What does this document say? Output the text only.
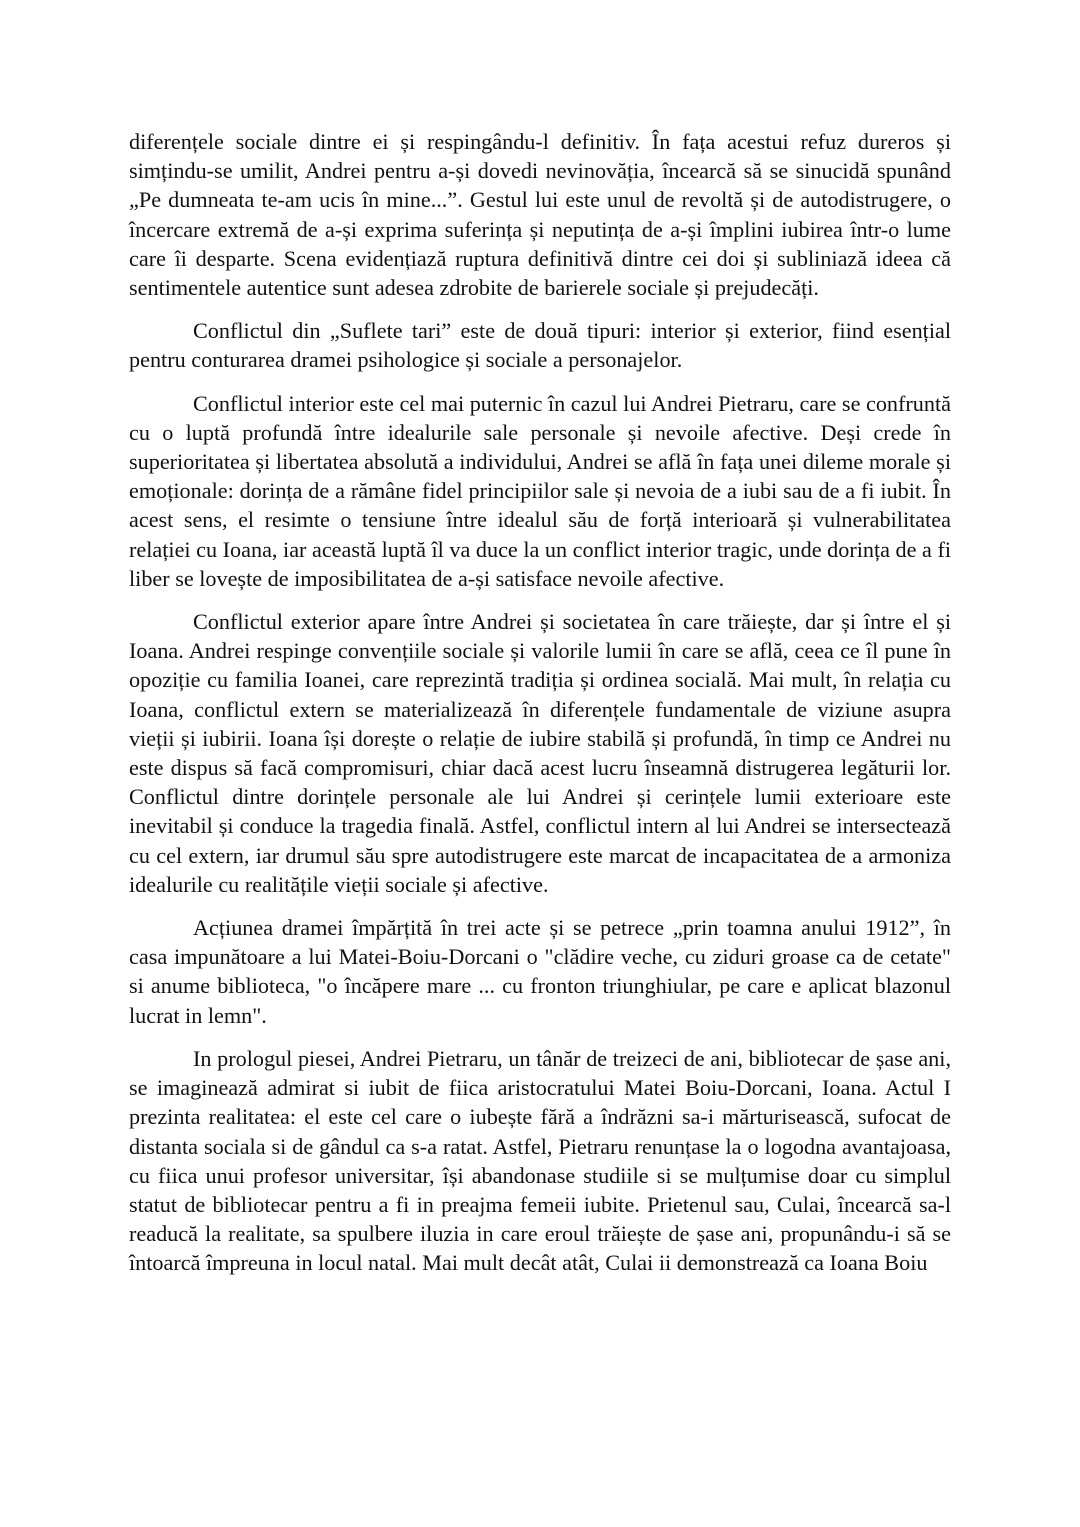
diferențele sociale dintre ei și respingându-l definitiv. În fața acestui refuz dureros și simțindu-se umilit, Andrei pentru a-și dovedi nevinovăția, încearcă să se sinucidă spunând „Pe dumneata te-am ucis în mine...”. Gestul lui este unul de revoltă și de autodistrugere, o încercare extremă de a-și exprima suferința și neputința de a-și împlini iubirea într-o lume care îi desparte. Scena evidențiază ruptura definitivă dintre cei doi și subliniază ideea că sentimentele autentice sunt adesea zdrobite de barierele sociale și prejudecăți.

Conflictul din „Suflete tari” este de două tipuri: interior și exterior, fiind esențial pentru conturarea dramei psihologice și sociale a personajelor.

Conflictul interior este cel mai puternic în cazul lui Andrei Pietraru, care se confruntă cu o luptă profundă între idealurile sale personale și nevoile afective. Deși crede în superioritatea și libertatea absolută a individului, Andrei se află în fața unei dileme morale și emoționale: dorința de a rămâne fidel principiilor sale și nevoia de a iubi sau de a fi iubit. În acest sens, el resimte o tensiune între idealul său de forță interioară și vulnerabilitatea relației cu Ioana, iar această luptă îl va duce la un conflict interior tragic, unde dorința de a fi liber se lovește de imposibilitatea de a-și satisface nevoile afective.

Conflictul exterior apare între Andrei și societatea în care trăiește, dar și între el și Ioana. Andrei respinge convențiile sociale și valorile lumii în care se află, ceea ce îl pune în opoziție cu familia Ioanei, care reprezintă tradiția și ordinea socială. Mai mult, în relația cu Ioana, conflictul extern se materializează în diferențele fundamentale de viziune asupra vieții și iubirii. Ioana își dorește o relație de iubire stabilă și profundă, în timp ce Andrei nu este dispus să facă compromisuri, chiar dacă acest lucru înseamnă distrugerea legăturii lor. Conflictul dintre dorințele personale ale lui Andrei și cerințele lumii exterioare este inevitabil și conduce la tragedia finală. Astfel, conflictul intern al lui Andrei se intersectează cu cel extern, iar drumul său spre autodistrugere este marcat de incapacitatea de a armoniza idealurile cu realitățile vieții sociale și afective.

Acțiunea dramei împărțită în trei acte și se petrece „prin toamna anului 1912”, în casa impunătoare a lui Matei-Boiu-Dorcani o "clădire veche, cu ziduri groase ca de cetate" si anume biblioteca, "o încăpere mare ... cu fronton triunghiular, pe care e aplicat blazonul lucrat in lemn".

In prologul piesei, Andrei Pietraru, un tânăr de treizeci de ani, bibliotecar de șase ani, se imaginează admirat si iubit de fiica aristocratului Matei Boiu-Dorcani, Ioana. Actul I prezinta realitatea: el este cel care o iubește fără a îndrăzni sa-i mărturisească, sufocat de distanta sociala si de gândul ca s-a ratat. Astfel, Pietraru renunțase la o logodna avantajoasa, cu fiica unui profesor universitar, își abandonase studiile si se mulțumise doar cu simplul statut de bibliotecar pentru a fi in preajma femeii iubite. Prietenul sau, Culai, încearcă sa-l readucă la realitate, sa spulbere iluzia in care eroul trăiește de șase ani, propunându-i să se întoarcă împreuna in locul natal. Mai mult decât atât, Culai ii demonstrează ca Ioana Boiu
